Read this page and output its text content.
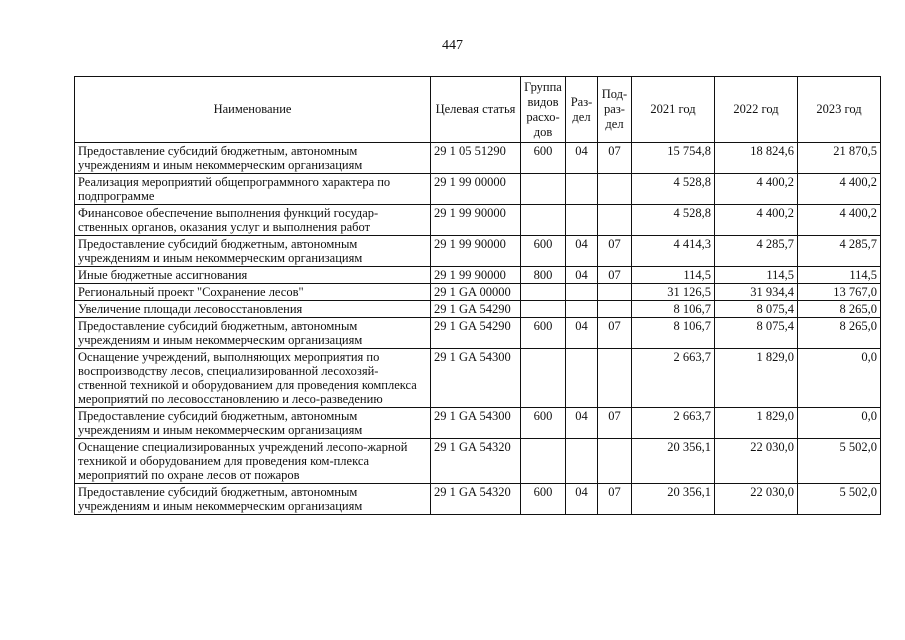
447
Наименование	Целевая статья	Группа видов расхо-дов	Раз-дел	Под-раз-дел	2021 год	2022 год	2023 год
Предоставление субсидий бюджетным, автономным учреждениям и иным некоммерческим организациям	29 1 05 51290	600	04	07	15 754,8	18 824,6	21 870,5
Реализация мероприятий общепрограммного характера по подпрограмме	29 1 99 00000				4 528,8	4 400,2	4 400,2
Финансовое обеспечение выполнения функций государ-ственных органов, оказания услуг и выполнения работ	29 1 99 90000				4 528,8	4 400,2	4 400,2
Предоставление субсидий бюджетным, автономным учреждениям и иным некоммерческим организациям	29 1 99 90000	600	04	07	4 414,3	4 285,7	4 285,7
Иные бюджетные ассигнования	29 1 99 90000	800	04	07	114,5	114,5	114,5
Региональный проект "Сохранение лесов"	29 1 GA 00000				31 126,5	31 934,4	13 767,0
Увеличение площади лесовосстановления	29 1 GA 54290				8 106,7	8 075,4	8 265,0
Предоставление субсидий бюджетным, автономным учреждениям и иным некоммерческим организациям	29 1 GA 54290	600	04	07	8 106,7	8 075,4	8 265,0
Оснащение учреждений, выполняющих мероприятия по воспроизводству лесов, специализированной лесохозяй-ственной техникой и оборудованием для проведения комплекса мероприятий по лесовосстановлению и лесо-разведению	29 1 GA 54300				2 663,7	1 829,0	0,0
Предоставление субсидий бюджетным, автономным учреждениям и иным некоммерческим организациям	29 1 GA 54300	600	04	07	2 663,7	1 829,0	0,0
Оснащение специализированных учреждений лесопо-жарной техникой и оборудованием для проведения ком-плекса мероприятий по охране лесов от пожаров	29 1 GA 54320				20 356,1	22 030,0	5 502,0
Предоставление субсидий бюджетным, автономным учреждениям и иным некоммерческим организациям	29 1 GA 54320	600	04	07	20 356,1	22 030,0	5 502,0
